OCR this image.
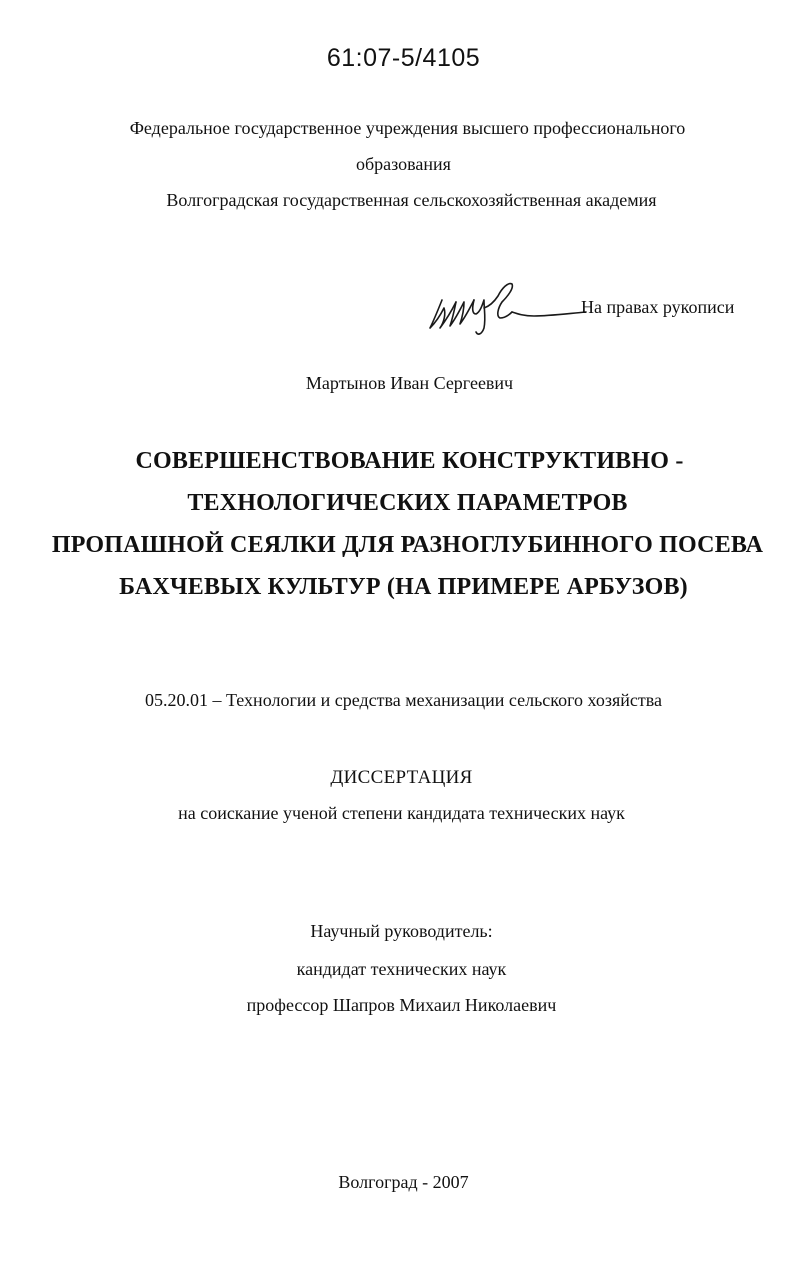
61:07-5/4105
Федеральное государственное учреждения высшего профессионального
образования
Волгоградская государственная сельскохозяйственная академия
На правах рукописи
Мартынов Иван Сергеевич
СОВЕРШЕНСТВОВАНИЕ КОНСТРУКТИВНО -
ТЕХНОЛОГИЧЕСКИХ ПАРАМЕТРОВ
ПРОПАШНОЙ СЕЯЛКИ ДЛЯ РАЗНОГЛУБИННОГО ПОСЕВА
БАХЧЕВЫХ КУЛЬТУР (НА ПРИМЕРЕ АРБУЗОВ)
05.20.01 – Технологии и средства механизации сельского хозяйства
ДИССЕРТАЦИЯ
на соискание ученой степени кандидата технических наук
Научный руководитель:
кандидат технических наук
профессор Шапров Михаил Николаевич
Волгоград - 2007
